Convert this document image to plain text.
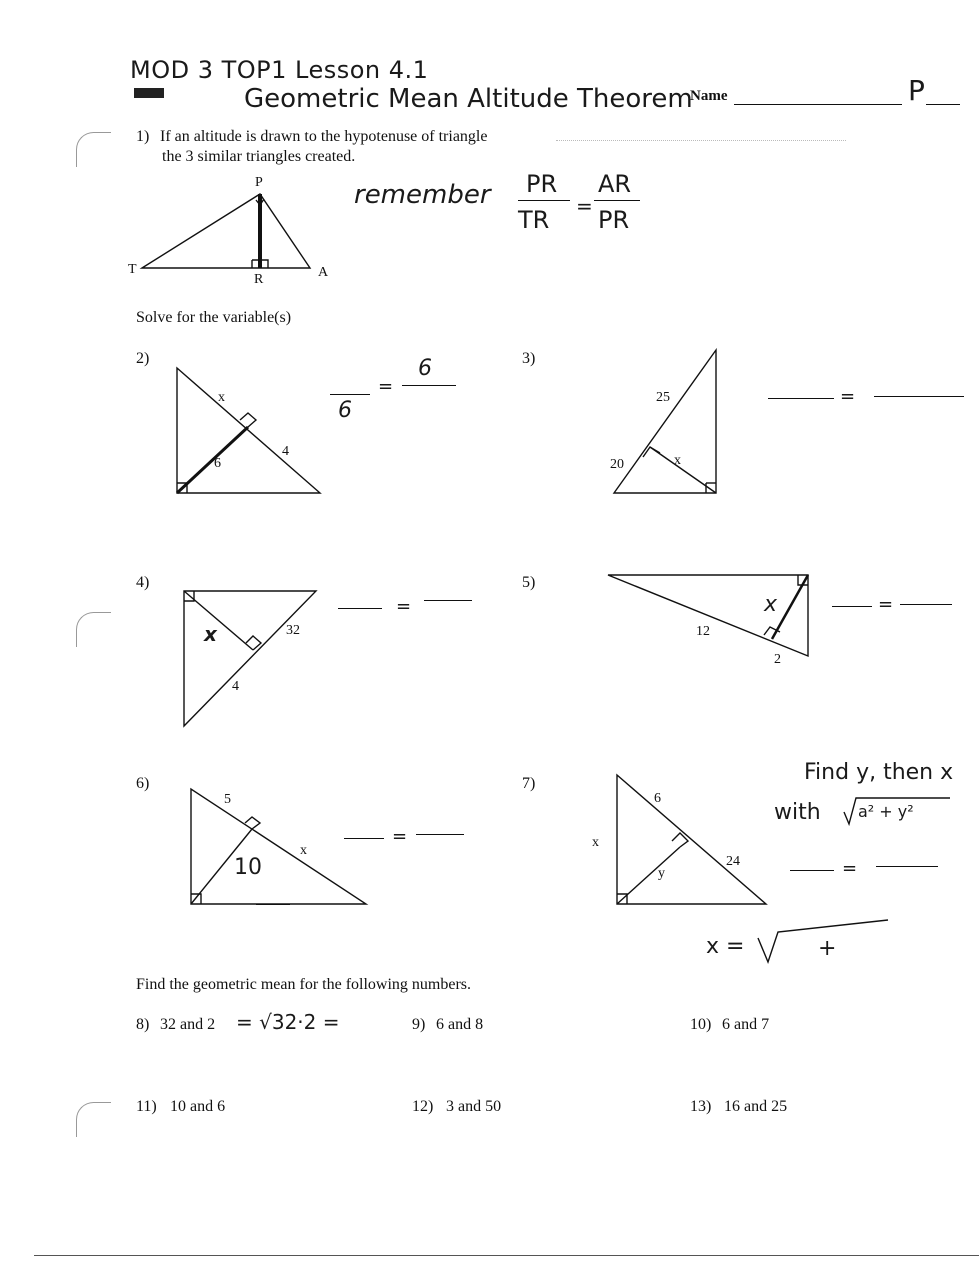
MOD 3 TOP1 Lesson 4.1
Geometric Mean Altitude Theorem
Name	P
1) If an altitude is drawn to the hypotenuse of triangle
the 3 similar triangles created.
P
T
R	A
remember PR
TR =
AR
PR
Solve for the variable(s)
2)
x
6
4
6
=
6
3)
25
20	x
=
4)
x	32
4
=
5)
x
12
2
=
6)
5
x
10
=
7)
6
x
y
24
Find y, then x
with a² + y²
=
x =	+
Find the geometric mean for the following numbers.
8) 32 and 2 = √32·2 =	9) 6 and 8	10) 6 and 7
11) 10 and 6	12) 3 and 50	13) 16 and 25
